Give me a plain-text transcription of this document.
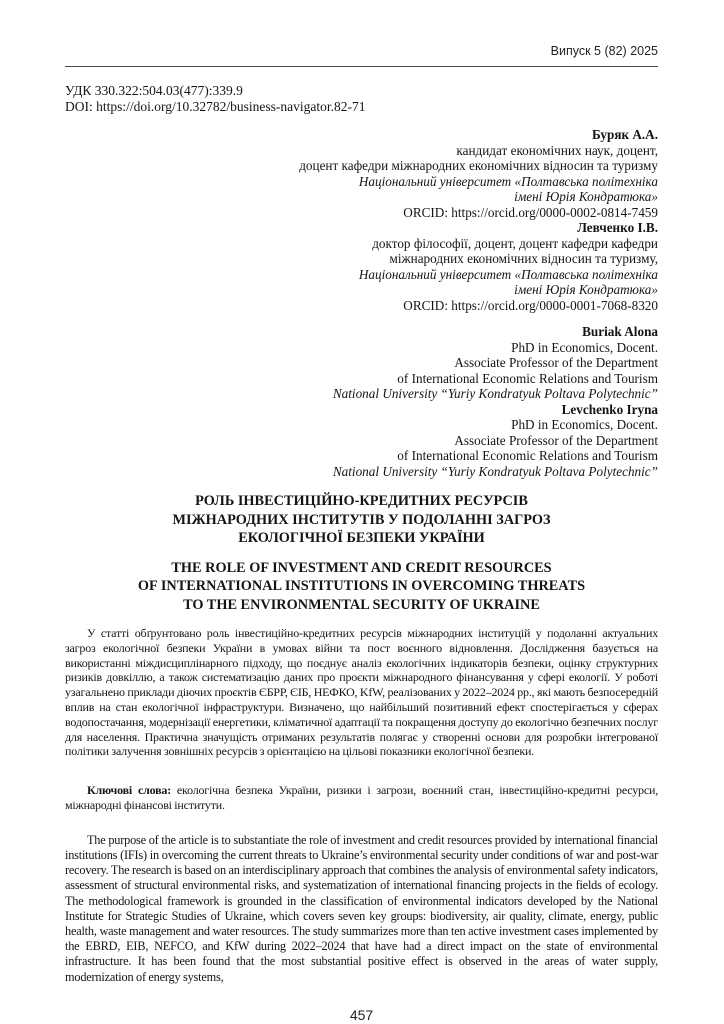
Випуск 5 (82) 2025
УДК 330.322:504.03(477):339.9
DOI: https://doi.org/10.32782/business-navigator.82-71
Буряк А.А.
кандидат економічних наук, доцент,
доцент кафедри міжнародних економічних відносин та туризму
Національний університет «Полтавська політехніка
імені Юрія Кондратюка»
ORCID: https://orcid.org/0000-0002-0814-7459
Левченко І.В.
доктор філософії, доцент, доцент кафедри кафедри
міжнародних економічних відносин та туризму,
Національний університет «Полтавська політехніка
імені Юрія Кондратюка»
ORCID: https://orcid.org/0000-0001-7068-8320
Buriak Alona
PhD in Economics, Docent.
Associate Professor of the Department
of International Economic Relations and Tourism
National University “Yuriy Kondratyuk Poltava Polytechnic”
Levchenko Iryna
PhD in Economics, Docent.
Associate Professor of the Department
of International Economic Relations and Tourism
National University “Yuriy Kondratyuk Poltava Polytechnic”
РОЛЬ ІНВЕСТИЦІЙНО-КРЕДИТНИХ РЕСУРСІВ
МІЖНАРОДНИХ ІНСТИТУТІВ У ПОДОЛАННІ ЗАГРОЗ
ЕКОЛОГІЧНОЇ БЕЗПЕКИ УКРАЇНИ
THE ROLE OF INVESTMENT AND CREDIT RESOURCES
OF INTERNATIONAL INSTITUTIONS IN OVERCOMING THREATS
TO THE ENVIRONMENTAL SECURITY OF UKRAINE

У статті обґрунтовано роль інвестиційно-кредитних ресурсів міжнародних інституцій у подоланні актуальних загроз екологічної безпеки України в умовах війни та пост воєнного відновлення. Дослідження базується на використанні міждисциплінарного підходу, що поєднує аналіз екологічних індикаторів безпеки, оцінку структурних ризиків довкіллю, а також систематизацію даних про проєкти міжнародного фінансування у сфері екології. У роботі узагальнено приклади діючих проєктів ЄБРР, ЄІБ, НЕФКО, KfW, реалізованих у 2022–2024 рр., які мають безпосередній вплив на стан екологічної інфраструктури. Визначено, що найбільший позитивний ефект спостерігається у сферах водопостачання, модернізації енергетики, кліматичної адаптації та покращення доступу до екологічно безпечних послуг для населення. Практична значущість отриманих результатів полягає у створенні основи для розробки інтегрованої політики залучення зовнішніх ресурсів з орієнтацією на цільові показники екологічної безпеки.

Ключові слова: екологічна безпека України, ризики і загрози, воєнний стан, інвестиційно-кредитні ресурси, міжнародні фінансові інститути.

The purpose of the article is to substantiate the role of investment and credit resources provided by international financial institutions (IFIs) in overcoming the current threats to Ukraine’s environmental security under conditions of war and post-war recovery. The research is based on an interdisciplinary approach that combines the analysis of environmental safety indicators, assessment of structural environmental risks, and systematization of international financing projects in the fields of ecology. The methodological framework is grounded in the classification of environmental indicators developed by the National Institute for Strategic Studies of Ukraine, which covers seven key groups: biodiversity, air quality, climate, energy, public health, waste management and water resources. The study summarizes more than ten active investment cases implemented by the EBRD, EIB, NEFCO, and KfW during 2022–2024 that have had a direct impact on the state of environmental infrastructure. It has been found that the most substantial positive effect is observed in the areas of water supply, modernization of energy systems,

457
